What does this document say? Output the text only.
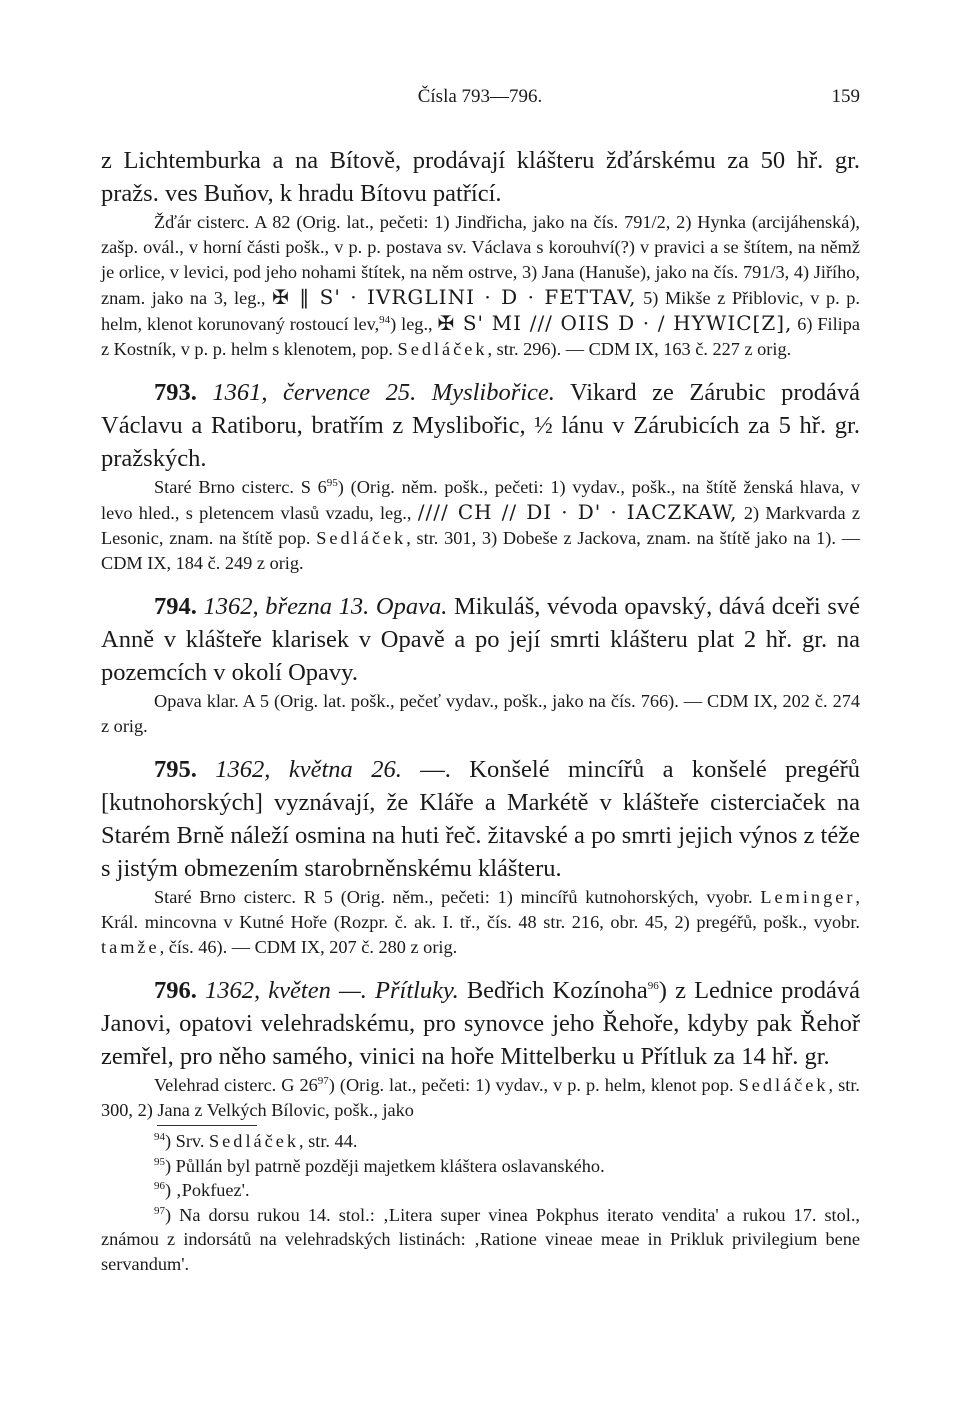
Čísla 793—796.	159

z Lichtemburka a na Bítově, prodávají klášteru žďárskému za 50 hř. gr. pražs. ves Buňov, k hradu Bítovu patřící.

Žďár cisterc. A 82 (Orig. lat., pečeti: 1) Jindřicha, jako na čís. 791/2, 2) Hynka (arcijáhenská), zašp. ovál., v horní části pošk., v p. p. postava sv. Václava s korouhví(?) v pravici a se štítem, na němž je orlice, v levici, pod jeho nohami štítek, na něm ostrve, 3) Jana (Hanuše), jako na čís. 791/3, 4) Jiřího, znam. jako na 3, leg., ✠ ‖ S' · IVRGLINI · D · FETTAV, 5) Mikše z Přiblovic, v p. p. helm, klenot korunovaný rostoucí lev,$^{94}$) leg., ✠ S' MI /// OIIS D · / HYWIC[Z], 6) Filipa z Kostník, v p. p. helm s klenotem, pop. Sedláček, str. 296). — CDM IX, 163 č. 227 z orig.

793. 1361, července 25. Myslibořice. Vikard ze Zárubic prodává Václavu a Ratiboru, bratřím z Myslibořic, ½ lánu v Zárubicích za 5 hř. gr. pražských.

Staré Brno cisterc. S $6^{95}$) (Orig. něm. pošk., pečeti: 1) vydav., pošk., na štítě ženská hlava, v levo hled., s pletencem vlasů vzadu, leg., //// CH // DI · D' · IACZKAW, 2) Markvarda z Lesonic, znam. na štítě pop. Sedláček, str. 301, 3) Dobeše z Jackova, znam. na štítě jako na 1). — CDM IX, 184 č. 249 z orig.

794. 1362, března 13. Opava. Mikuláš, vévoda opavský, dává dceři své Anně v klášteře klarisek v Opavě a po její smrti klášteru plat 2 hř. gr. na pozemcích v okolí Opavy.

Opava klar. A 5 (Orig. lat. pošk., pečeť vydav., pošk., jako na čís. 766). — CDM IX, 202 č. 274 z orig.

795. 1362, května 26. —. Konšelé mincířů a konšelé pregéřů [kutnohorských] vyznávají, že Kláře a Markétě v klášteře cisterciaček na Starém Brně náleží osmina na huti řeč. žitavské a po smrti jejich výnos z téže s jistým obmezením starobrněnskému klášteru.

Staré Brno cisterc. R 5 (Orig. něm., pečeti: 1) mincířů kutnohorských, vyobr. Leminger, Král. mincovna v Kutné Hoře (Rozpr. č. ak. I. tř., čís. 48 str. 216, obr. 45, 2) pregéřů, pošk., vyobr. tamže, čís. 46). — CDM IX, 207 č. 280 z orig.

796. 1362, květen —. Přítluky. Bedřich Kozínoha$^{96}$) z Lednice prodává Janovi, opatovi velehradskému, pro synovce jeho Řehoře, kdyby pak Řehoř zemřel, pro něho samého, vinici na hoře Mittelberku u Přítluk za 14 hř. gr.

Velehrad cisterc. G $26^{97}$) (Orig. lat., pečeti: 1) vydav., v p. p. helm, klenot pop. Sedláček, str. 300, 2) Jana z Velkých Bílovic, pošk., jako

$^{94}$) Srv. Sedláček, str. 44.

$^{95}$) Půllán byl patrně později majetkem kláštera oslavanského.

$^{96}$) ‚Pokfuez'.

$^{97}$) Na dorsu rukou 14. stol.: ‚Litera super vinea Pokphus iterato vendita' a rukou 17. stol., známou z indorsátů na velehradských listinách: ‚Ratione vineae meae in Prikluk privilegium bene servandum'.
